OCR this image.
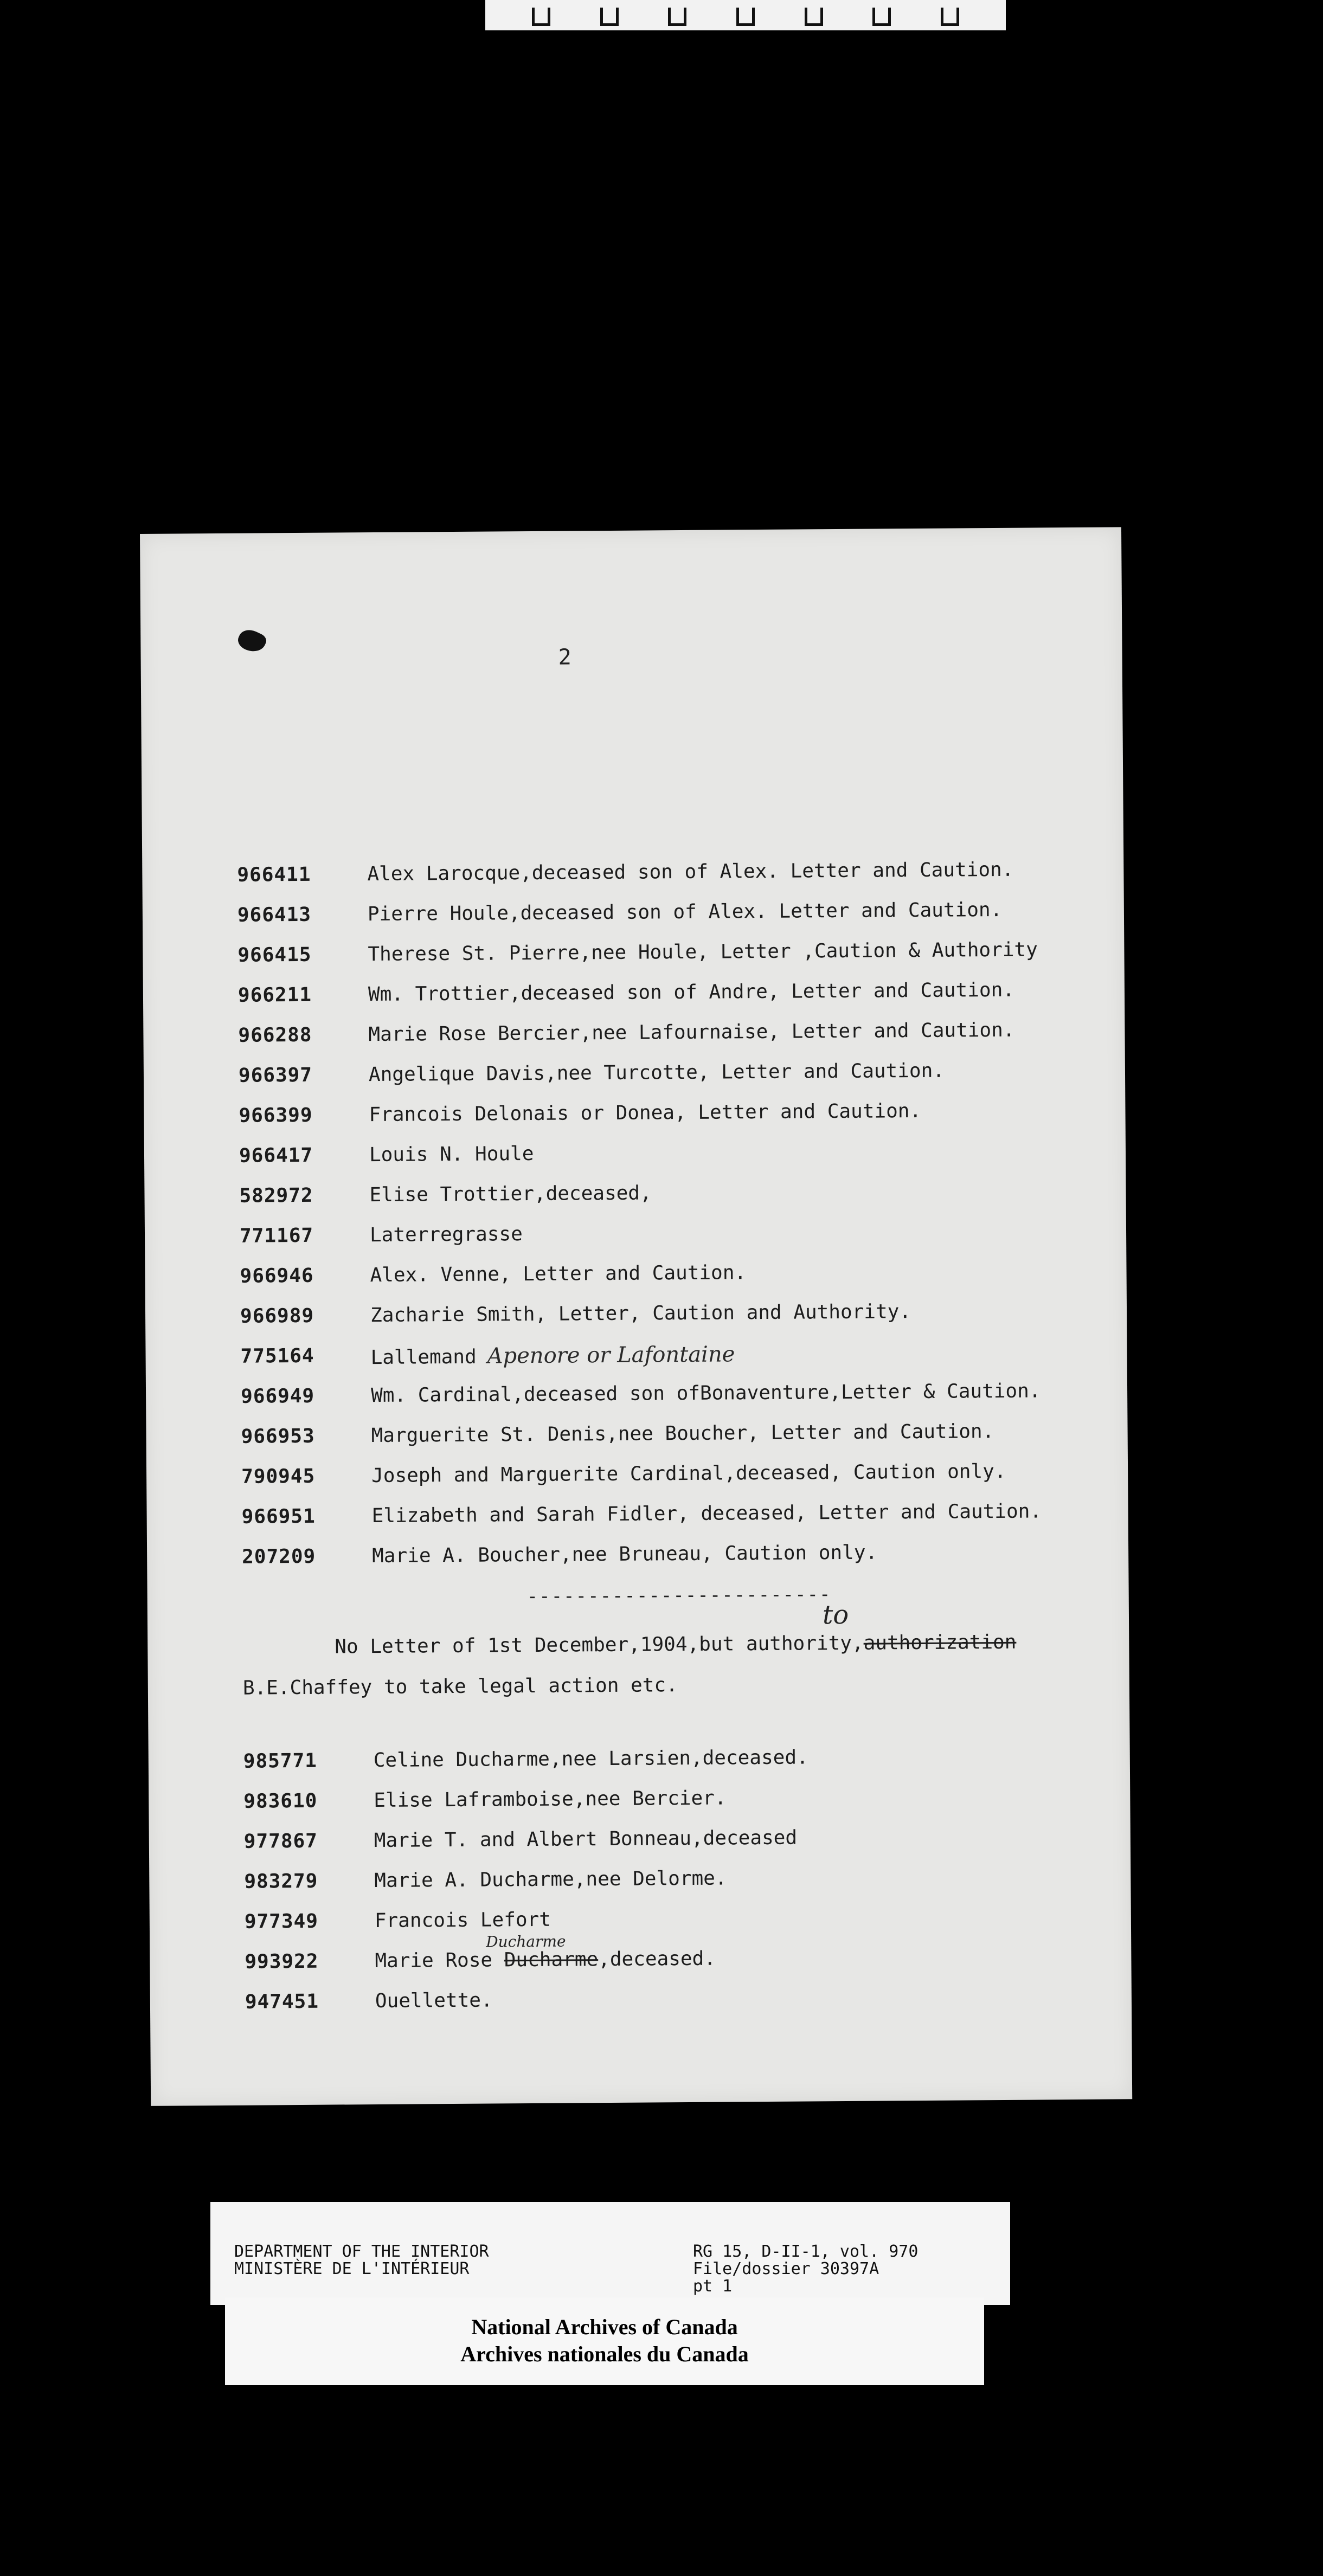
2
966411	Alex Larocque,deceased son of Alex. Letter and Caution.
966413	Pierre Houle,deceased son of Alex. Letter and Caution.
966415	Therese St. Pierre,nee Houle, Letter ,Caution & Authority
966211	Wm. Trottier,deceased son of Andre, Letter and Caution.
966288	Marie Rose Bercier,nee Lafournaise, Letter and Caution.
966397	Angelique Davis,nee Turcotte, Letter and Caution.
966399	Francois Delonais or Donea, Letter and Caution.
966417	Louis N. Houle
582972	Elise Trottier,deceased,
771167	Laterregrasse
966946	Alex. Venne, Letter and Caution.
966989	Zacharie Smith, Letter, Caution and Authority.
775164	Lallemand Apenore or Lafontaine
966949	Wm. Cardinal,deceased son ofBonaventure,Letter & Caution.
966953	Marguerite St. Denis,nee Boucher, Letter and Caution.
790945	Joseph and Marguerite Cardinal,deceased, Caution only.
966951	Elizabeth and Sarah Fidler, deceased, Letter and Caution.
207209	Marie A. Boucher,nee Bruneau, Caution only.
-------------------------
to
No Letter of 1st December,1904,but authority,authorization
B.E.Chaffey to take legal action etc.
985771	Celine Ducharme,nee Larsien,deceased.
983610	Elise Laframboise,nee Bercier.
977867	Marie T. and Albert Bonneau,deceased
983279	Marie A. Ducharme,nee Delorme.
977349	Francois Lefort
Ducharme
993922	Marie Rose Ducharme,deceased.
947451	Ouellette.
DEPARTMENT OF THE INTERIOR
MINISTÈRE DE L'INTÉRIEUR
RG 15, D-II-1, vol. 970
File/dossier 30397A
pt 1
National Archives of Canada
Archives nationales du Canada
